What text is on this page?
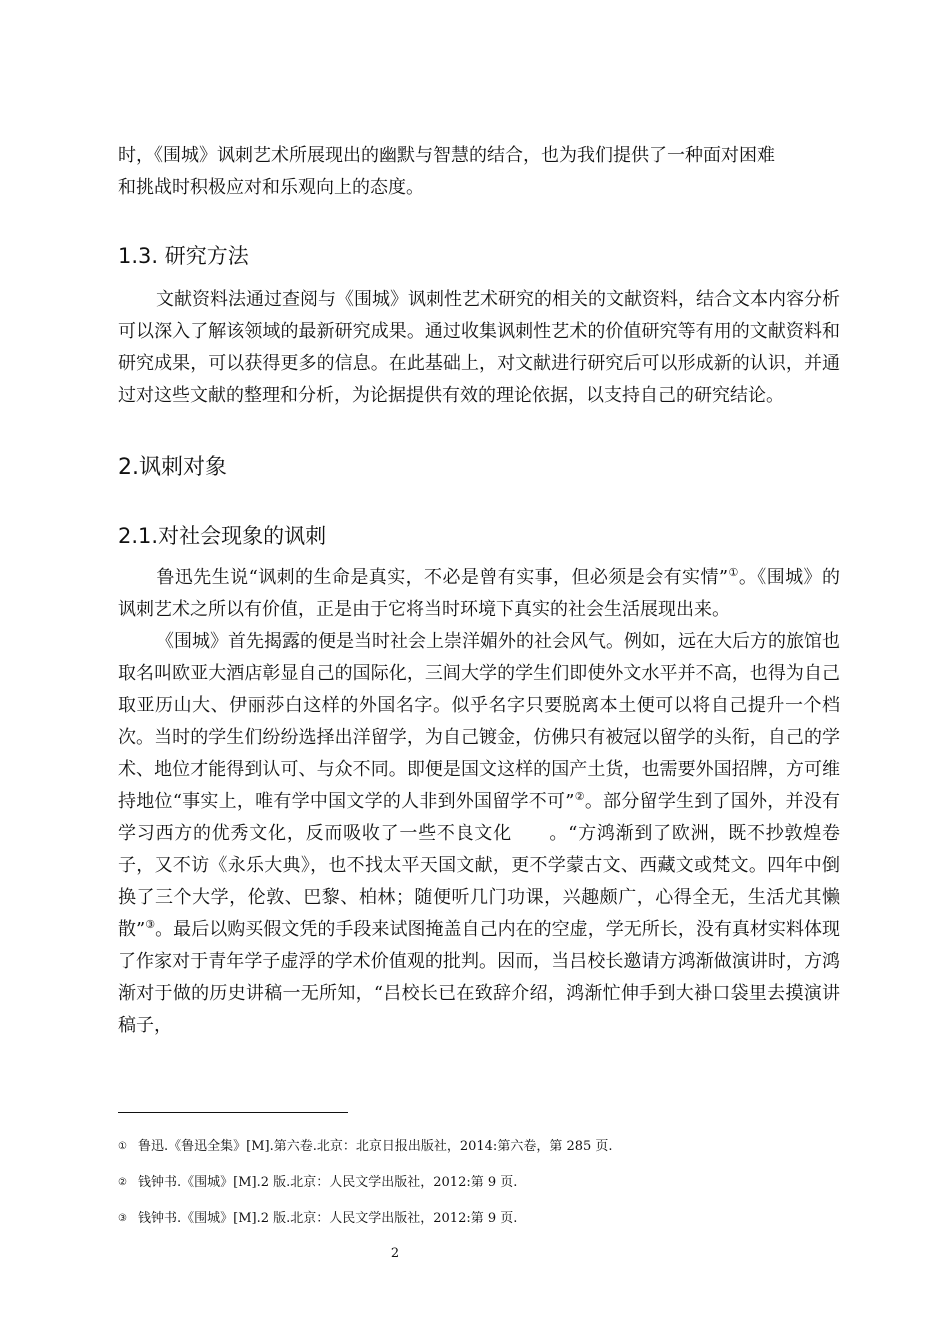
时，《围城》讽刺艺术所展现出的幽默与智慧的结合，也为我们提供了一种面对困难
和挑战时积极应对和乐观向上的态度。

1.3. 研究方法

文献资料法通过查阅与《围城》讽刺性艺术研究的相关的文献资料，结合文本内容分析可以深入了解该领域的最新研究成果。通过收集讽刺性艺术的价值研究等有用的文献资料和研究成果，可以获得更多的信息。在此基础上，对文献进行研究后可以形成新的认识，并通过对这些文献的整理和分析，为论据提供有效的理论依据，以支持自己的研究结论。

2.讽刺对象
2.1.对社会现象的讽刺

鲁迅先生说“讽刺的生命是真实，不必是曾有实事，但必须是会有实情”①。《围城》的讽刺艺术之所以有价值，正是由于它将当时环境下真实的社会生活展现出来。

《围城》首先揭露的便是当时社会上崇洋媚外的社会风气。例如，远在大后方的旅馆也取名叫欧亚大酒店彰显自己的国际化，三闾大学的学生们即使外文水平并不高，也得为自己取亚历山大、伊丽莎白这样的外国名字。似乎名字只要脱离本土便可以将自己提升一个档次。当时的学生们纷纷选择出洋留学，为自己镀金，仿佛只有被冠以留学的头衔，自己的学术、地位才能得到认可、与众不同。即便是国文这样的国产土货，也需要外国招牌，方可维持地位“事实上，唯有学中国文学的人非到外国留学不可”②。部分留学生到了国外，并没有学习西方的优秀文化，反而吸收了一些不良文化　　。“方鸿渐到了欧洲，既不抄敦煌卷子，又不访《永乐大典》，也不找太平天国文献，更不学蒙古文、西藏文或梵文。四年中倒换了三个大学，伦敦、巴黎、柏林；随便听几门功课，兴趣颇广，心得全无，生活尤其懒散”③。最后以购买假文凭的手段来试图掩盖自己内在的空虚，学无所长，没有真材实料体现了作家对于青年学子虚浮的学术价值观的批判。因而，当吕校长邀请方鸿渐做演讲时，方鸿渐对于做的历史讲稿一无所知，“吕校长已在致辞介绍，鸿渐忙伸手到大褂口袋里去摸演讲稿子，

① 鲁迅.《鲁迅全集》[M].第六卷.北京：北京日报出版社，2014:第六卷，第 285 页.
② 钱钟书.《围城》[M].2 版.北京：人民文学出版社，2012:第 9 页.
③ 钱钟书.《围城》[M].2 版.北京：人民文学出版社，2012:第 9 页.
2
